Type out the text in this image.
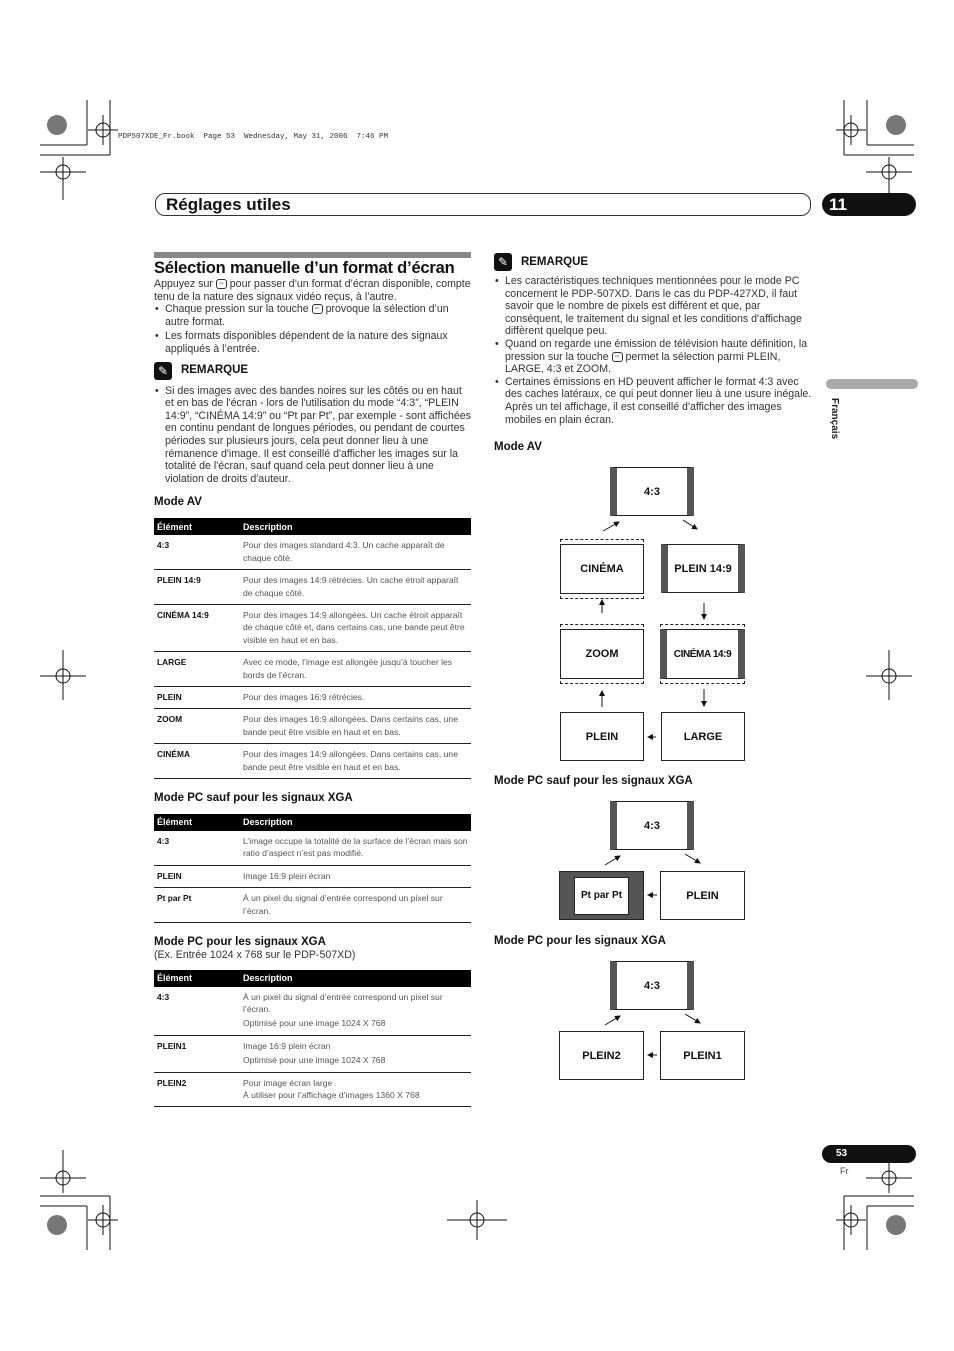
PDP507XDE_Fr.book  Page 53  Wednesday, May 31, 2006  7:46 PM
Réglages utiles	11
Français
Sélection manuelle d’un format d’écran

Appuyez sur ⇔ pour passer d’un format d’écran disponible, compte tenu de la nature des signaux vidéo reçus, à l’autre.

• Chaque pression sur la touche ⇔ provoque la sélection d’un autre format.

• Les formats disponibles dépendent de la nature des signaux appliqués à l’entrée.

✎ REMARQUE

• Si des images avec des bandes noires sur les côtés ou en haut et en bas de l'écran - lors de l'utilisation du mode “4:3”, “PLEIN 14:9”, “CINÉMA 14:9” ou “Pt par Pt”, par exemple - sont affichées en continu pendant de longues périodes, ou pendant de courtes périodes sur plusieurs jours, cela peut donner lieu à une rémanence d'image. Il est conseillé d'afficher les images sur la totalité de l'écran, sauf quand cela peut donner lieu à une violation de droits d'auteur.

Mode AV
Élément	Description
4:3	Pour des images standard 4:3. Un cache apparaît de chaque côté.
PLEIN 14:9	Pour des images 14:9 rétrécies. Un cache étroit apparaît de chaque côté.
CINÉMA 14:9	Pour des images 14:9 allongées. Un cache étroit apparaît de chaque côté et, dans certains cas, une bande peut être visible en haut et en bas.
LARGE	Avec ce mode, l’image est allongée jusqu’à toucher les bords de l’écran.
PLEIN	Pour des images 16:9 rétrécies.
ZOOM	Pour des images 16:9 allongées. Dans certains cas, une bande peut être visible en haut et en bas.
CINÉMA	Pour des images 14:9 allongées. Dans certains cas, une bande peut être visible en haut et en bas.
Mode PC sauf pour les signaux XGA
Élément	Description
4:3	L’image occupe la totalité de la surface de l’écran mais son ratio d’aspect n’est pas modifié.
PLEIN	Image 16:9 plein écran
Pt par Pt	À un pixel du signal d’entrée correspond un pixel sur l’écran.
Mode PC pour les signaux XGA
(Ex. Entrée 1024 x 768 sur le PDP-507XD)
Élément	Description
4:3	À un pixel du signal d’entrée correspond un pixel sur l’écran.
Optimisé pour une image 1024 X 768

PLEIN1	Image 16:9 plein écran
Optimisé pour une image 1024 X 768

PLEIN2	Pour image écran large
À utiliser pour l’affichage d’images 1360 X 768

✎ REMARQUE

• Les caractéristiques techniques mentionnées pour le mode PC concernent le PDP-507XD. Dans le cas du PDP-427XD, il faut savoir que le nombre de pixels est différent et que, par conséquent, le traitement du signal et les conditions d'affichage diffèrent quelque peu.

• Quand on regarde une émission de télévision haute définition, la pression sur la touche ⇔ permet la sélection parmi PLEIN, LARGE, 4:3 et ZOOM.

• Certaines émissions en HD peuvent afficher le format 4:3 avec des caches latéraux, ce qui peut donner lieu à une usure inégale. Après un tel affichage, il est conseillé d'afficher des images mobiles en plain écran.

Mode AV
4:3
CINÉMA	PLEIN 14:9
ZOOM	CINÉMA 14:9
PLEIN	LARGE
Mode PC sauf pour les signaux XGA
4:3
Pt par Pt	PLEIN
Mode PC pour les signaux XGA
4:3
PLEIN2	PLEIN1
53
Fr
